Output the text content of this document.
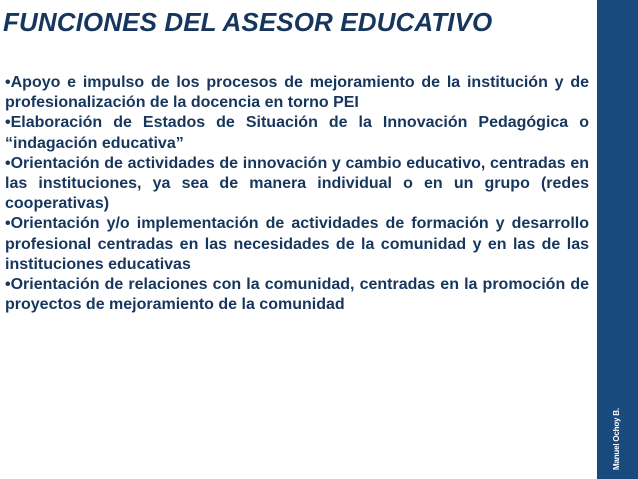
FUNCIONES DEL ASESOR EDUCATIVO

•Apoyo e impulso de los procesos de mejoramiento de la institución y de profesionalización de la docencia en torno PEI

•Elaboración de Estados de Situación de la Innovación Pedagógica o “indagación educativa”

•Orientación de actividades de innovación y cambio educativo, centradas en las instituciones, ya sea de manera individual o en un grupo (redes cooperativas)

•Orientación y/o implementación de actividades de formación y desarrollo profesional centradas en las necesidades de la comunidad y en las de las instituciones educativas

•Orientación de relaciones con la comunidad, centradas en la promoción de proyectos de mejoramiento de la comunidad

Manuel Ochoy B.
